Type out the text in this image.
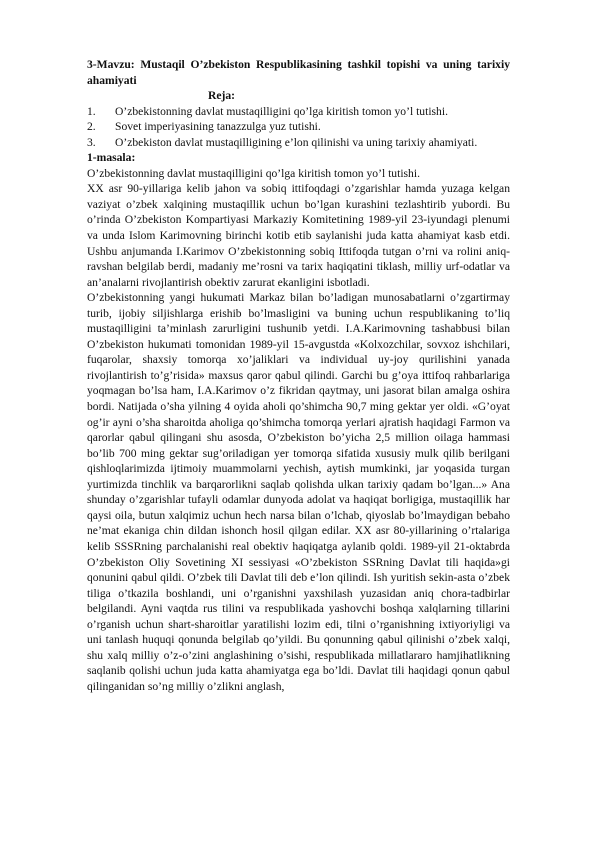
3-Mavzu: Mustaqil O’zbekiston Respublikasining tashkil topishi va uning tarixiy ahamiyati
Reja:
1. O’zbekistonning davlat mustaqilligini qo’lga kiritish tomon yo’l tutishi.
2. Sovet imperiyasining tanazzulga yuz tutishi.
3. O’zbekiston davlat mustaqilligining e’lon qilinishi va uning tarixiy ahamiyati.
1-masala:
O’zbekistonning davlat mustaqilligini qo’lga kiritish tomon yo’l tutishi.

XX asr 90-yillariga kelib jahon va sobiq ittifoqdagi o’zgarishlar hamda yuzaga kelgan vaziyat o’zbek xalqining mustaqillik uchun bo’lgan kurashini tezlashtirib yubordi. Bu o’rinda O’zbekiston Kompartiyasi Markaziy Komitetining 1989-yil 23-iyundagi plenumi va unda Islom Karimovning birinchi kotib etib saylanishi juda katta ahamiyat kasb etdi. Ushbu anjumanda I.Karimov O’zbekistonning sobiq Ittifoqda tutgan o’rni va rolini aniq-ravshan belgilab berdi, madaniy me’rosni va tarix haqiqatini tiklash, milliy urf-odatlar va an’analarni rivojlantirish obektiv zarurat ekanligini isbotladi.

O’zbekistonning yangi hukumati Markaz bilan bo’ladigan munosabatlarni o’zgartirmay turib, ijobiy siljishlarga erishib bo’lmasligini va buning uchun respublikaning to’liq mustaqilligini ta’minlash zarurligini tushunib yetdi. I.A.Karimovning tashabbusi bilan O’zbekiston hukumati tomonidan 1989-yil 15-avgustda «Kolxozchilar, sovxoz ishchilari, fuqarolar, shaxsiy tomorqa xo’jaliklari va individual uy-joy qurilishini yanada rivojlantirish to’g’risida» maxsus qaror qabul qilindi. Garchi bu g’oya ittifoq rahbarlariga yoqmagan bo’lsa ham, I.A.Karimov o’z fikridan qaytmay, uni jasorat bilan amalga oshira bordi. Natijada o’sha yilning 4 oyida aholi qo’shimcha 90,7 ming gektar yer oldi. «G’oyat og’ir ayni o’sha sharoitda aholiga qo’shimcha tomorqa yerlari ajratish haqidagi Farmon va qarorlar qabul qilingani shu asosda, O’zbekiston bo’yicha 2,5 million oilaga hammasi bo’lib 700 ming gektar sug’oriladigan yer tomorqa sifatida xususiy mulk qilib berilgani qishloqlarimizda ijtimoiy muammolarni yechish, aytish mumkinki, jar yoqasida turgan yurtimizda tinchlik va barqarorlikni saqlab qolishda ulkan tarixiy qadam bo’lgan...» Ana shunday o’zgarishlar tufayli odamlar dunyoda adolat va haqiqat borligiga, mustaqillik har qaysi oila, butun xalqimiz uchun hech narsa bilan o’lchab, qiyoslab bo’lmaydigan bebaho ne’mat ekaniga chin dildan ishonch hosil qilgan edilar. XX asr 80-yillarining o’rtalariga kelib SSSRning parchalanishi real obektiv haqiqatga aylanib qoldi. 1989-yil 21-oktabrda O’zbekiston Oliy Sovetining XI sessiyasi «O’zbekiston SSRning Davlat tili haqida»gi qonunini qabul qildi. O’zbek tili Davlat tili deb e’lon qilindi. Ish yuritish sekin-asta o’zbek tiliga o’tkazila boshlandi, uni o’rganishni yaxshilash yuzasidan aniq chora-tadbirlar belgilandi. Ayni vaqtda rus tilini va respublikada yashovchi boshqa xalqlarning tillarini o’rganish uchun shart-sharoitlar yaratilishi lozim edi, tilni o’rganishning ixtiyoriyligi va uni tanlash huquqi qonunda belgilab qo’yildi. Bu qonunning qabul qilinishi o’zbek xalqi, shu xalq milliy o’z-o’zini anglashining o’sishi, respublikada millatlararo hamjihatlikning saqlanib qolishi uchun juda katta ahamiyatga ega bo’ldi. Davlat tili haqidagi qonun qabul qilinganidan so’ng milliy o’zlikni anglash,
